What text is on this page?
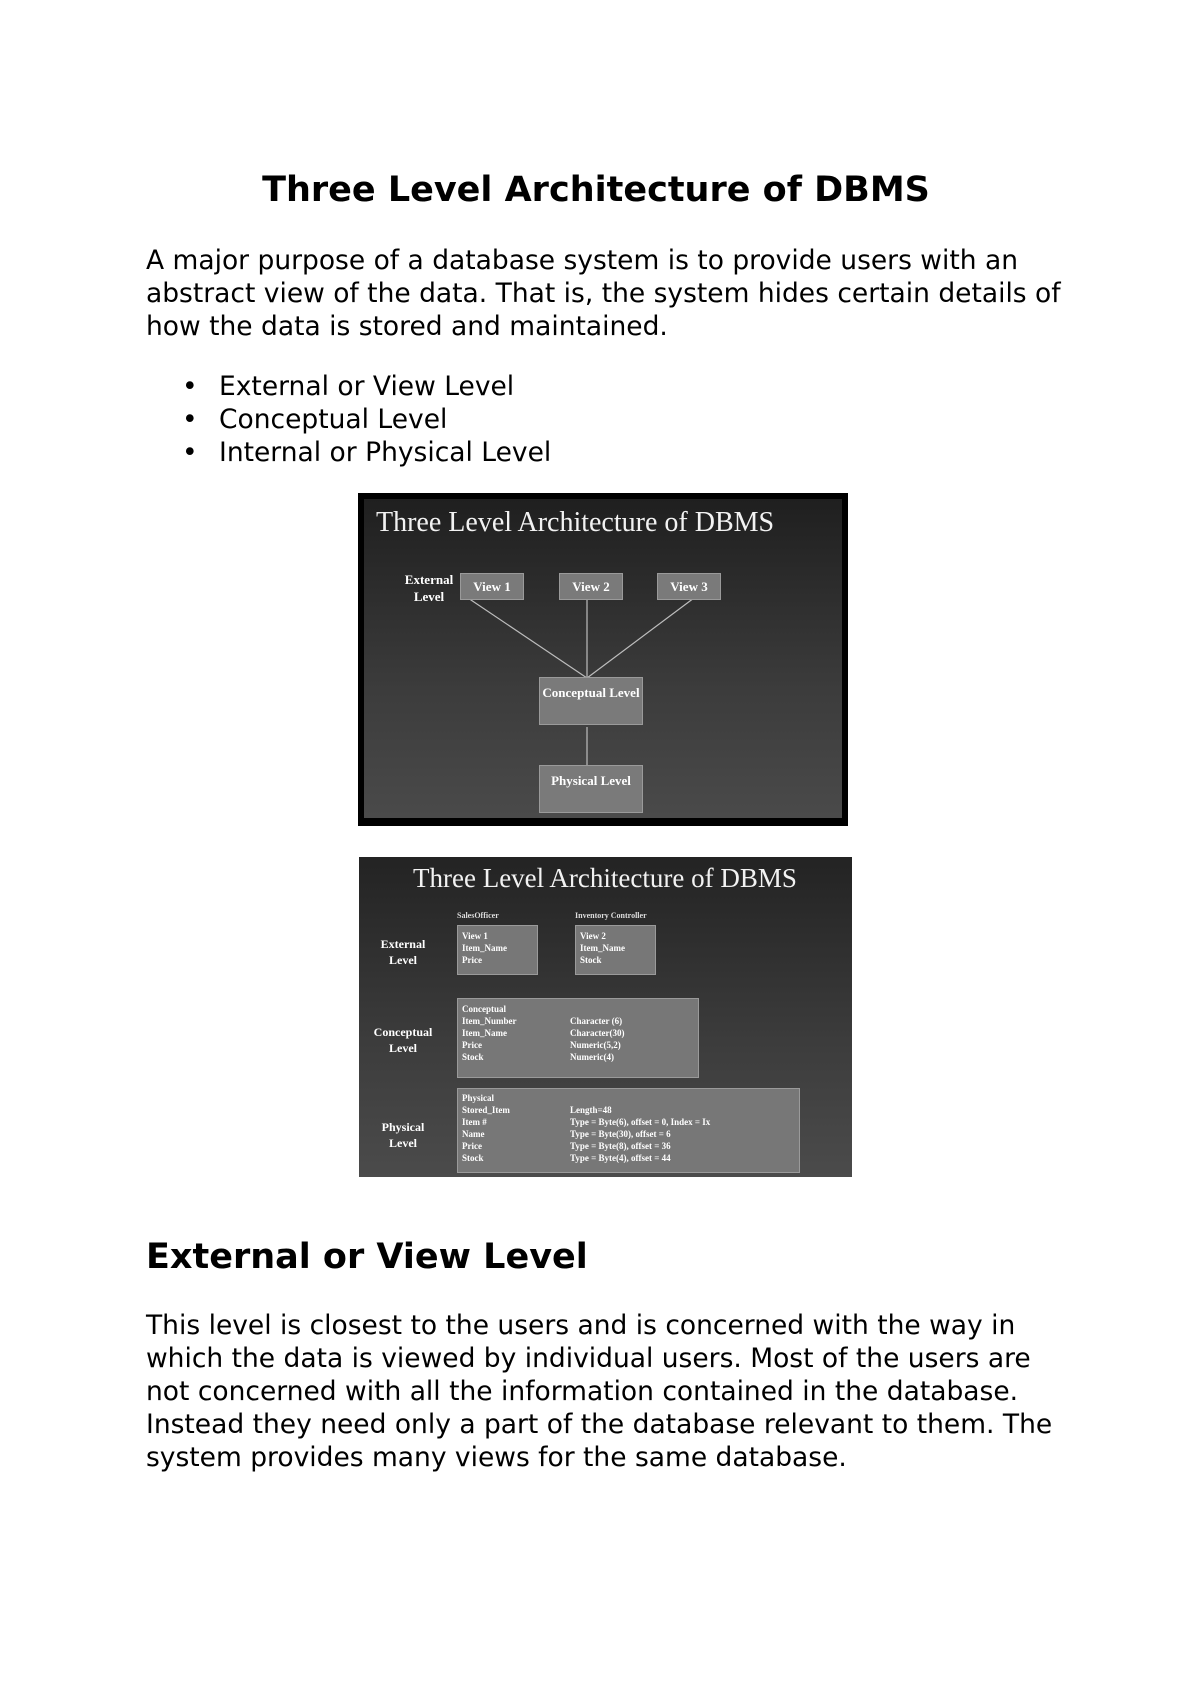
Three Level Architecture of DBMS

A major purpose of a database system is to provide users with an abstract view of the data. That is, the system hides certain details of how the data is stored and maintained.

• External or View Level
• Conceptual Level
• Internal or Physical Level
External or View Level

This level is closest to the users and is concerned with the way in which the data is viewed by individual users. Most of the users are not concerned with all the information contained in the database. Instead they need only a part of the database relevant to them. The system provides many views for the same database.

Three Level Architecture of DBMS
External Level
View 1	View 2	View 3
Conceptual Level
Physical Level
Three Level Architecture of DBMS
External Level
Conceptual Level
Physical Level
SalesOfficer	Inventory Controller
View 1
Item_Name
Price
View 2
Item_Name
Stock
Conceptual
Item_Number	Character (6)
Item_Name	Character(30)
Price	Numeric(5,2)
Stock	Numeric(4)
Physical
Stored_Item	Length=48
Item #	Type = Byte(6), offset = 0, Index = Ix
Name	Type = Byte(30), offset = 6
Price	Type = Byte(8), offset = 36
Stock	Type = Byte(4), offset = 44
